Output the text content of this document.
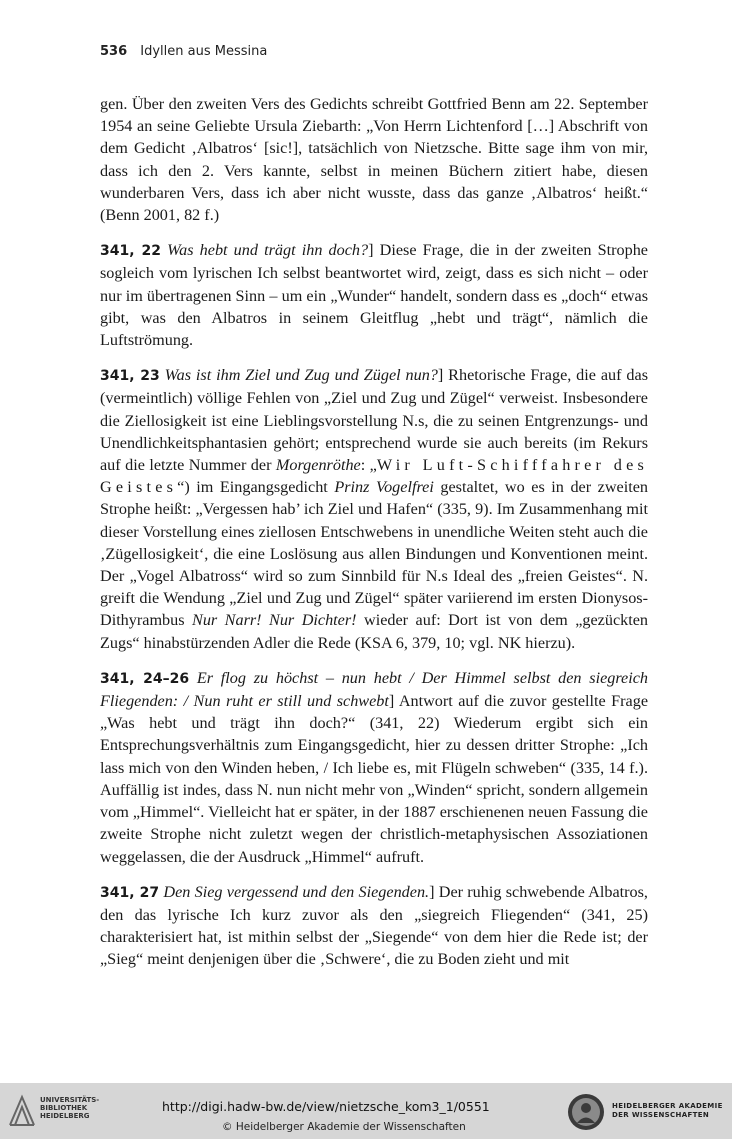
536 Idyllen aus Messina

gen. Über den zweiten Vers des Gedichts schreibt Gottfried Benn am 22. September 1954 an seine Geliebte Ursula Ziebarth: „Von Herrn Lichtenford […] Abschrift von dem Gedicht ‚Albatros‘ [sic!], tatsächlich von Nietzsche. Bitte sage ihm von mir, dass ich den 2. Vers kannte, selbst in meinen Büchern zitiert habe, diesen wunderbaren Vers, dass ich aber nicht wusste, dass das ganze ‚Albatros‘ heißt.“ (Benn 2001, 82 f.)

341, 22 Was hebt und trägt ihn doch?] Diese Frage, die in der zweiten Strophe sogleich vom lyrischen Ich selbst beantwortet wird, zeigt, dass es sich nicht – oder nur im übertragenen Sinn – um ein „Wunder“ handelt, sondern dass es „doch“ etwas gibt, was den Albatros in seinem Gleitflug „hebt und trägt“, nämlich die Luftströmung.

341, 23 Was ist ihm Ziel und Zug und Zügel nun?] Rhetorische Frage, die auf das (vermeintlich) völlige Fehlen von „Ziel und Zug und Zügel“ verweist. Insbesondere die Ziellosigkeit ist eine Lieblingsvorstellung N.s, die zu seinen Entgrenzungs- und Unendlichkeitsphantasien gehört; entsprechend wurde sie auch bereits (im Rekurs auf die letzte Nummer der Morgenröthe: „Wir Luft-Schifffahrer des Geistes“) im Eingangsgedicht Prinz Vogelfrei gestaltet, wo es in der zweiten Strophe heißt: „Vergessen hab’ ich Ziel und Hafen“ (335, 9). Im Zusammenhang mit dieser Vorstellung eines ziellosen Entschwebens in unendliche Weiten steht auch die ‚Zügellosigkeit‘, die eine Loslösung aus allen Bindungen und Konventionen meint. Der „Vogel Albatross“ wird so zum Sinnbild für N.s Ideal des „freien Geistes“. N. greift die Wendung „Ziel und Zug und Zügel“ später variierend im ersten Dionysos-Dithyrambus Nur Narr! Nur Dichter! wieder auf: Dort ist von dem „gezückten Zugs“ hinabstürzenden Adler die Rede (KSA 6, 379, 10; vgl. NK hierzu).

341, 24–26 Er flog zu höchst – nun hebt / Der Himmel selbst den siegreich Fliegenden: / Nun ruht er still und schwebt] Antwort auf die zuvor gestellte Frage „Was hebt und trägt ihn doch?“ (341, 22) Wiederum ergibt sich ein Entsprechungsverhältnis zum Eingangsgedicht, hier zu dessen dritter Strophe: „Ich lass mich von den Winden heben, / Ich liebe es, mit Flügeln schweben“ (335, 14 f.). Auffällig ist indes, dass N. nun nicht mehr von „Winden“ spricht, sondern allgemein vom „Himmel“. Vielleicht hat er später, in der 1887 erschienenen neuen Fassung die zweite Strophe nicht zuletzt wegen der christlich-metaphysischen Assoziationen weggelassen, die der Ausdruck „Himmel“ aufruft.

341, 27 Den Sieg vergessend und den Siegenden.] Der ruhig schwebende Albatros, den das lyrische Ich kurz zuvor als den „siegreich Fliegenden“ (341, 25) charakterisiert hat, ist mithin selbst der „Siegende“ von dem hier die Rede ist; der „Sieg“ meint denjenigen über die ‚Schwere‘, die zu Boden zieht und mit

UNIVERSITÄTS-
BIBLIOTHEK
HEIDELBERG
http://digi.hadw-bw.de/view/nietzsche_kom3_1/0551
© Heidelberger Akademie der Wissenschaften
HEIDELBERGER AKADEMIE
DER WISSENSCHAFTEN
